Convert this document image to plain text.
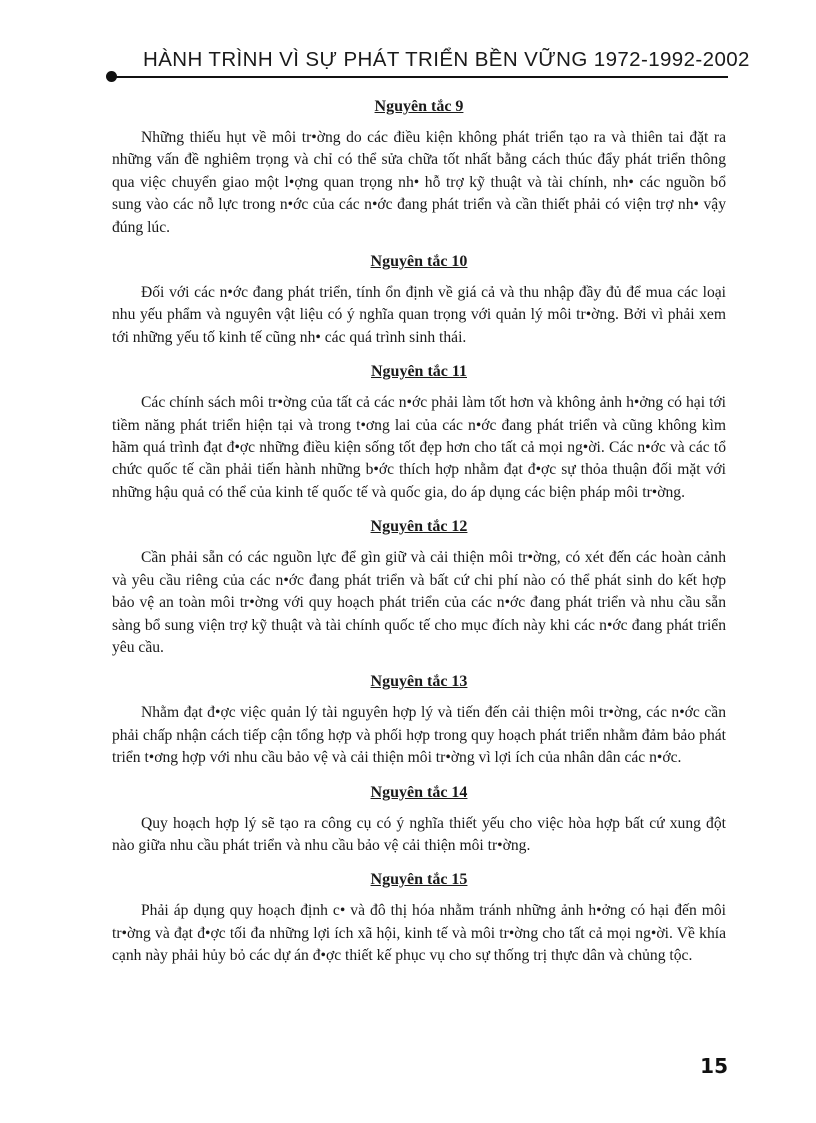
HÀNH TRÌNH VÌ SỰ PHÁT TRIỂN BỀN VỮNG 1972-1992-2002
Nguyên tắc 9

Những thiếu hụt về môi tr•ờng do các điều kiện không phát triển tạo ra và thiên tai đặt ra những vấn đề nghiêm trọng và chỉ có thể sửa chữa tốt nhất bằng cách thúc đẩy phát triển thông qua việc chuyển giao một l•ợng quan trọng nh• hỗ trợ kỹ thuật và tài chính, nh• các nguồn bổ sung vào các nỗ lực trong n•ớc của các n•ớc đang phát triển và cần thiết phải có viện trợ nh• vậy đúng lúc.

Nguyên tắc 10

Đối với các n•ớc đang phát triển, tính ổn định về giá cả và thu nhập đầy đủ để mua các loại nhu yếu phẩm và nguyên vật liệu có ý nghĩa quan trọng với quản lý môi tr•ờng. Bởi vì phải xem tới những yếu tố kinh tế cũng nh• các quá trình sinh thái.

Nguyên tắc 11

Các chính sách môi tr•ờng của tất cả các n•ớc phải làm tốt hơn và không ảnh h•ởng có hại tới tiềm năng phát triển hiện tại và trong t•ơng lai của các n•ớc đang phát triển và cũng không kìm hãm quá trình đạt đ•ợc những điều kiện sống tốt đẹp hơn cho tất cả mọi ng•ời. Các n•ớc và các tổ chức quốc tế cần phải tiến hành những b•ớc thích hợp nhằm đạt đ•ợc sự thỏa thuận đối mặt với những hậu quả có thể của kinh tế quốc tế và quốc gia, do áp dụng các biện pháp môi tr•ờng.

Nguyên tắc 12

Cần phải sẵn có các nguồn lực để gìn giữ và cải thiện môi tr•ờng, có xét đến các hoàn cảnh và yêu cầu riêng của các n•ớc đang phát triển và bất cứ chi phí nào có thể phát sinh do kết hợp bảo vệ an toàn môi tr•ờng với quy hoạch phát triển của các n•ớc đang phát triển và nhu cầu sẵn sàng bổ sung viện trợ kỹ thuật và tài chính quốc tế cho mục đích này khi các n•ớc đang phát triển yêu cầu.

Nguyên tắc 13

Nhằm đạt đ•ợc việc quản lý tài nguyên hợp lý và tiến đến cải thiện môi tr•ờng, các n•ớc cần phải chấp nhận cách tiếp cận tổng hợp và phối hợp trong quy hoạch phát triển nhằm đảm bảo phát triển t•ơng hợp với nhu cầu bảo vệ và cải thiện môi tr•ờng vì lợi ích của nhân dân các n•ớc.

Nguyên tắc 14

Quy hoạch hợp lý sẽ tạo ra công cụ có ý nghĩa thiết yếu cho việc hòa hợp bất cứ xung đột nào giữa nhu cầu phát triển và nhu cầu bảo vệ cải thiện môi tr•ờng.

Nguyên tắc 15

Phải áp dụng quy hoạch định c• và đô thị hóa nhằm tránh những ảnh h•ởng có hại đến môi tr•ờng và đạt đ•ợc tối đa những lợi ích xã hội, kinh tế và môi tr•ờng cho tất cả mọi ng•ời. Về khía cạnh này phải hủy bỏ các dự án đ•ợc thiết kế phục vụ cho sự thống trị thực dân và chủng tộc.

15
